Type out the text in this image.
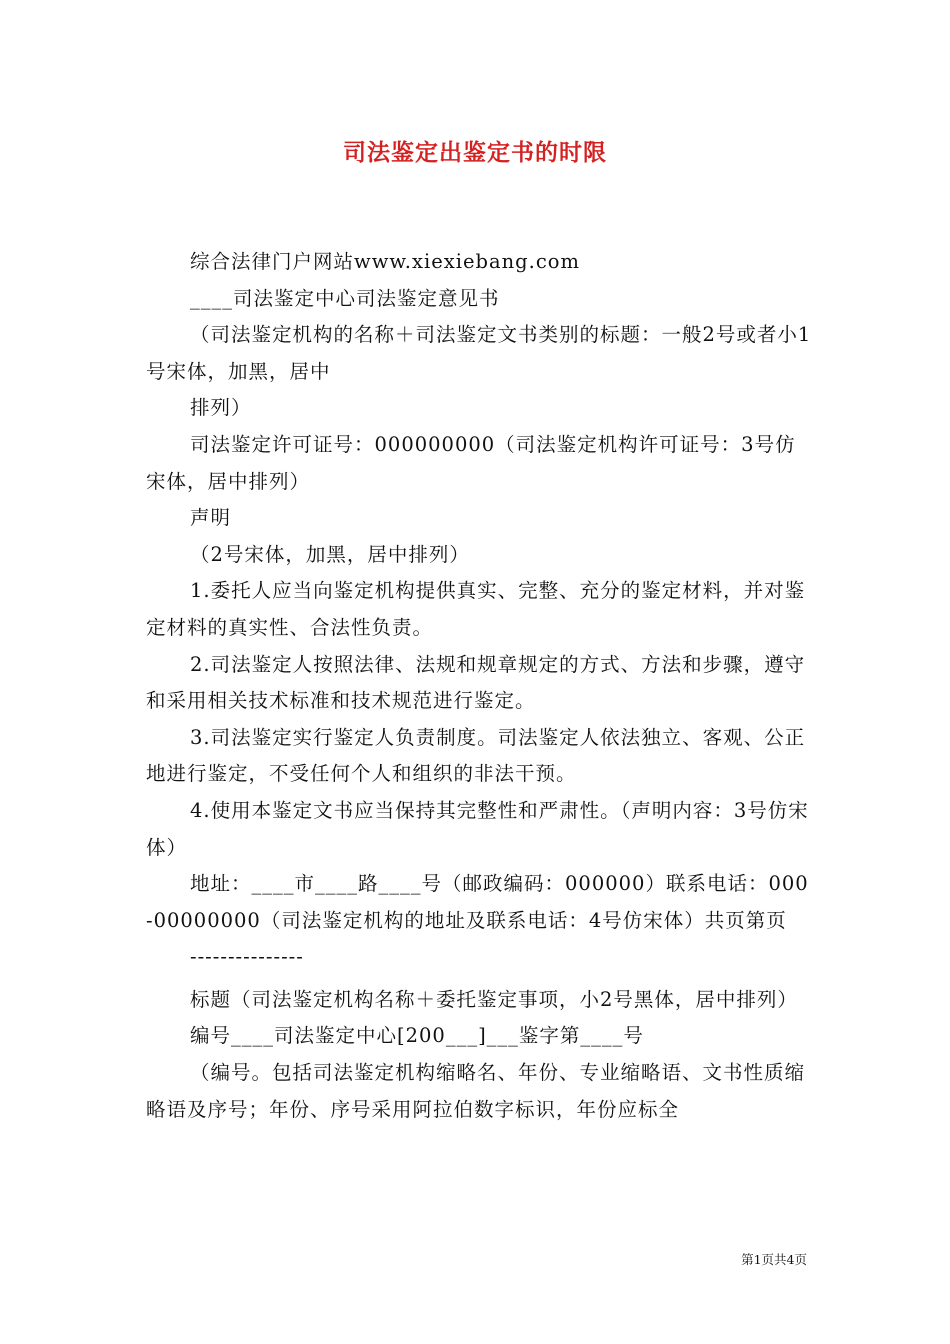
司法鉴定出鉴定书的时限

综合法律门户网站www.xiexiebang.com

____司法鉴定中心司法鉴定意见书

（司法鉴定机构的名称＋司法鉴定文书类别的标题：一般2号或者小1号宋体，加黑，居中

排列）

司法鉴定许可证号：000000000（司法鉴定机构许可证号：3号仿宋体，居中排列）

声明

（2号宋体，加黑，居中排列）

1.委托人应当向鉴定机构提供真实、完整、充分的鉴定材料，并对鉴定材料的真实性、合法性负责。

2.司法鉴定人按照法律、法规和规章规定的方式、方法和步骤，遵守和采用相关技术标准和技术规范进行鉴定。

3.司法鉴定实行鉴定人负责制度。司法鉴定人依法独立、客观、公正地进行鉴定，不受任何个人和组织的非法干预。

4.使用本鉴定文书应当保持其完整性和严肃性。（声明内容：3号仿宋体）

地址：____市____路____号（邮政编码：000000）联系电话：000-00000000（司法鉴定机构的地址及联系电话：4号仿宋体）共页第页

---------------

标题（司法鉴定机构名称＋委托鉴定事项，小2号黑体，居中排列）

编号____司法鉴定中心[200___]___鉴字第____号

（编号。包括司法鉴定机构缩略名、年份、专业缩略语、文书性质缩略语及序号；年份、序号采用阿拉伯数字标识，年份应标全

第1页共4页
